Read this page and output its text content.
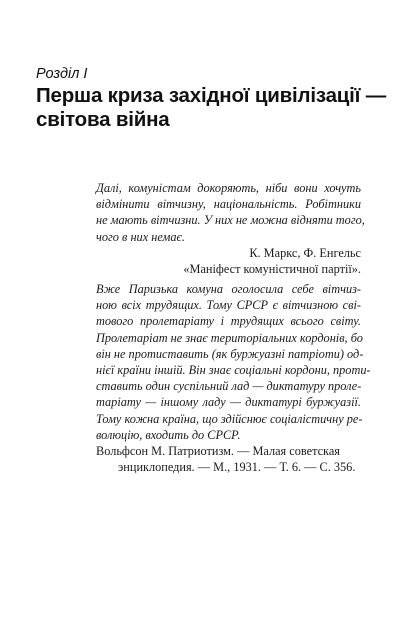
Розділ I
Перша криза західної цивілізації —
світова війна
Далі, комуністам докоряють, ніби вони хочуть
відмінити вітчизну, національність. Робітники
не мають вітчизни. У них не можна відняти того,
чого в них немає.
К. Маркс, Ф. Енгельс
«Маніфест комуністичної партії».
Вже Паризька комуна оголосила себе вітчиз-
ною всіх трудящих. Тому СРСР є вітчизною сві-
тового пролетаріату і трудящих всього світу.
Пролетаріат не знає територіальних кордонів, бо
він не протиставить (як буржуазні патріоти) од-
нієї країни іншій. Він знає соціальні кордони, проти-
ставить один суспільний лад — диктатуру проле-
таріату — іншому ладу — диктатурі буржуазії.
Тому кожна країна, що здійснює соціалістичну ре-
волюцію, входить до СРСР.
Вольфсон М. Патриотизм. — Малая советская
энциклопедия. — М., 1931. — Т. 6. — С. 356.
